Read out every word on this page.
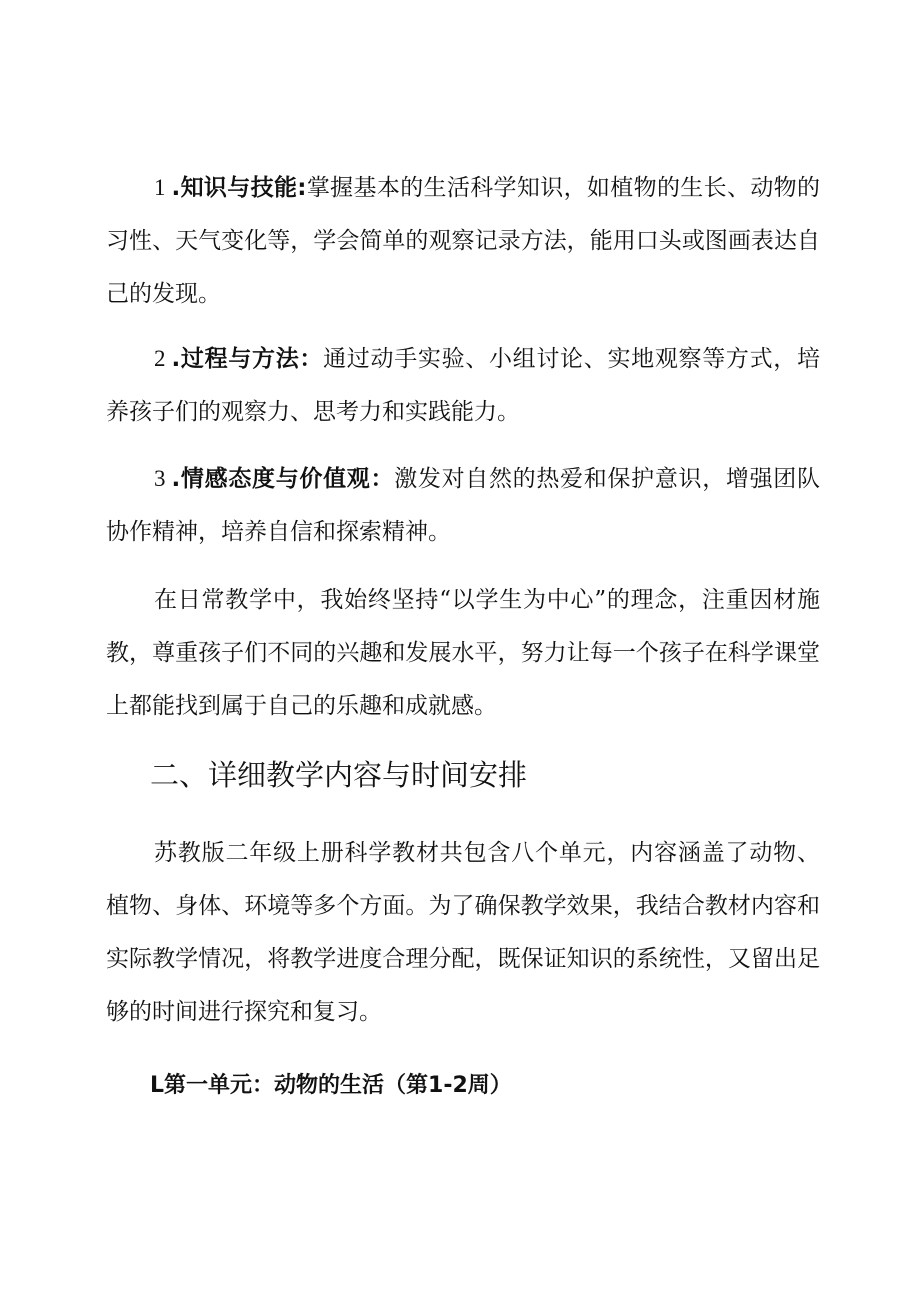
1 .知识与技能:掌握基本的生活科学知识，如植物的生长、动物的习性、天气变化等，学会简单的观察记录方法，能用口头或图画表达自己的发现。

2 .过程与方法：通过动手实验、小组讨论、实地观察等方式，培养孩子们的观察力、思考力和实践能力。

3 .情感态度与价值观：激发对自然的热爱和保护意识，增强团队协作精神，培养自信和探索精神。

在日常教学中，我始终坚持“以学生为中心”的理念，注重因材施教，尊重孩子们不同的兴趣和发展水平，努力让每一个孩子在科学课堂上都能找到属于自己的乐趣和成就感。

二、详细教学内容与时间安排

苏教版二年级上册科学教材共包含八个单元，内容涵盖了动物、植物、身体、环境等多个方面。为了确保教学效果，我结合教材内容和实际教学情况，将教学进度合理分配，既保证知识的系统性，又留出足够的时间进行探究和复习。

L第一单元：动物的生活（第1-2周）
